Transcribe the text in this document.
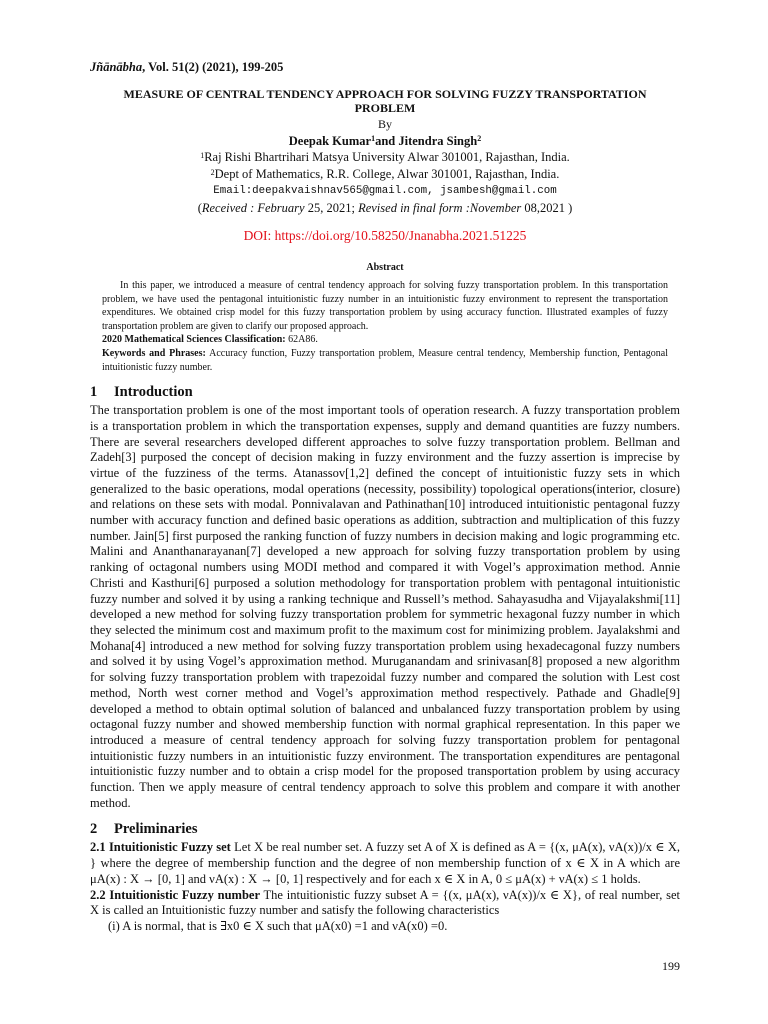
Jñānābha, Vol. 51(2) (2021), 199-205

MEASURE OF CENTRAL TENDENCY APPROACH FOR SOLVING FUZZY TRANSPORTATION
PROBLEM

By

Deepak Kumar$^1$and Jitendra Singh$^2$

$^1$Raj Rishi Bhartrihari Matsya University Alwar 301001, Rajasthan, India.

$^2$Dept of Mathematics, R.R. College, Alwar 301001, Rajasthan, India.

Email:deepakvaishnav565@gmail.com, jsambesh@gmail.com

(Received : February 25, 2021; Revised in final form :November 08,2021 )

DOI: https://doi.org/10.58250/Jnanabha.2021.51225

Abstract

In this paper, we introduced a measure of central tendency approach for solving fuzzy transportation problem. In this transportation problem, we have used the pentagonal intuitionistic fuzzy number in an intuitionistic fuzzy environment to represent the transportation expenditures. We obtained crisp model for this fuzzy transportation problem by using accuracy function. Illustrated examples of fuzzy transportation problem are given to clarify our proposed approach.

2020 Mathematical Sciences Classification: 62A86.

Keywords and Phrases: Accuracy function, Fuzzy transportation problem, Measure central tendency, Membership function, Pentagonal intuitionistic fuzzy number.

1 Introduction

The transportation problem is one of the most important tools of operation research. A fuzzy transportation problem is a transportation problem in which the transportation expenses, supply and demand quantities are fuzzy numbers. There are several researchers developed different approaches to solve fuzzy transportation problem. Bellman and Zadeh[3] purposed the concept of decision making in fuzzy environment and the fuzzy assertion is imprecise by virtue of the fuzziness of the terms. Atanassov[1,2] defined the concept of intuitionistic fuzzy sets in which generalized to the basic operations, modal operations (necessity, possibility) topological operations(interior, closure) and relations on these sets with modal. Ponnivalavan and Pathinathan[10] introduced intuitionistic pentagonal fuzzy number with accuracy function and defined basic operations as addition, subtraction and multiplication of this fuzzy number. Jain[5] first purposed the ranking function of fuzzy numbers in decision making and logic programming etc. Malini and Ananthanarayanan[7] developed a new approach for solving fuzzy transportation problem by using ranking of octagonal numbers using MODI method and compared it with Vogel’s approximation method. Annie Christi and Kasthuri[6] purposed a solution methodology for transportation problem with pentagonal intuitionistic fuzzy number and solved it by using a ranking technique and Russell’s method. Sahayasudha and Vijayalakshmi[11] developed a new method for solving fuzzy transportation problem for symmetric hexagonal fuzzy number in which they selected the minimum cost and maximum profit to the maximum cost for minimizing problem. Jayalakshmi and Mohana[4] introduced a new method for solving fuzzy transportation problem using hexadecagonal fuzzy numbers and solved it by using Vogel’s approximation method. Muruganandam and srinivasan[8] proposed a new algorithm for solving fuzzy transportation problem with trapezoidal fuzzy number and compared the solution with Lest cost method, North west corner method and Vogel’s approximation method respectively. Pathade and Ghadle[9] developed a method to obtain optimal solution of balanced and unbalanced fuzzy transportation problem by using octagonal fuzzy number and showed membership function with normal graphical representation. In this paper we introduced a measure of central tendency approach for solving fuzzy transportation problem for pentagonal intuitionistic fuzzy numbers in an intuitionistic fuzzy environment. The transportation expenditures are pentagonal intuitionistic fuzzy number and to obtain a crisp model for the proposed transportation problem by using accuracy function. Then we apply measure of central tendency approach to solve this problem and compare it with another method.

2 Preliminaries

2.1 Intuitionistic Fuzzy set Let X be real number set. A fuzzy set A of X is defined as A = {(x, μA(x), νA(x))/x ∈ X, } where the degree of membership function and the degree of non membership function of x ∈ X in A which are μA(x) : X → [0, 1] and νA(x) : X → [0, 1] respectively and for each x ∈ X in A, 0 ≤ μA(x) + νA(x) ≤ 1 holds.

2.2 Intuitionistic Fuzzy number The intuitionistic fuzzy subset A = {(x, μA(x), νA(x))/x ∈ X}, of real number, set X is called an Intuitionistic fuzzy number and satisfy the following characteristics

(i) A is normal, that is ∃x0 ∈ X such that μA(x0) =1 and νA(x0) =0.

199
